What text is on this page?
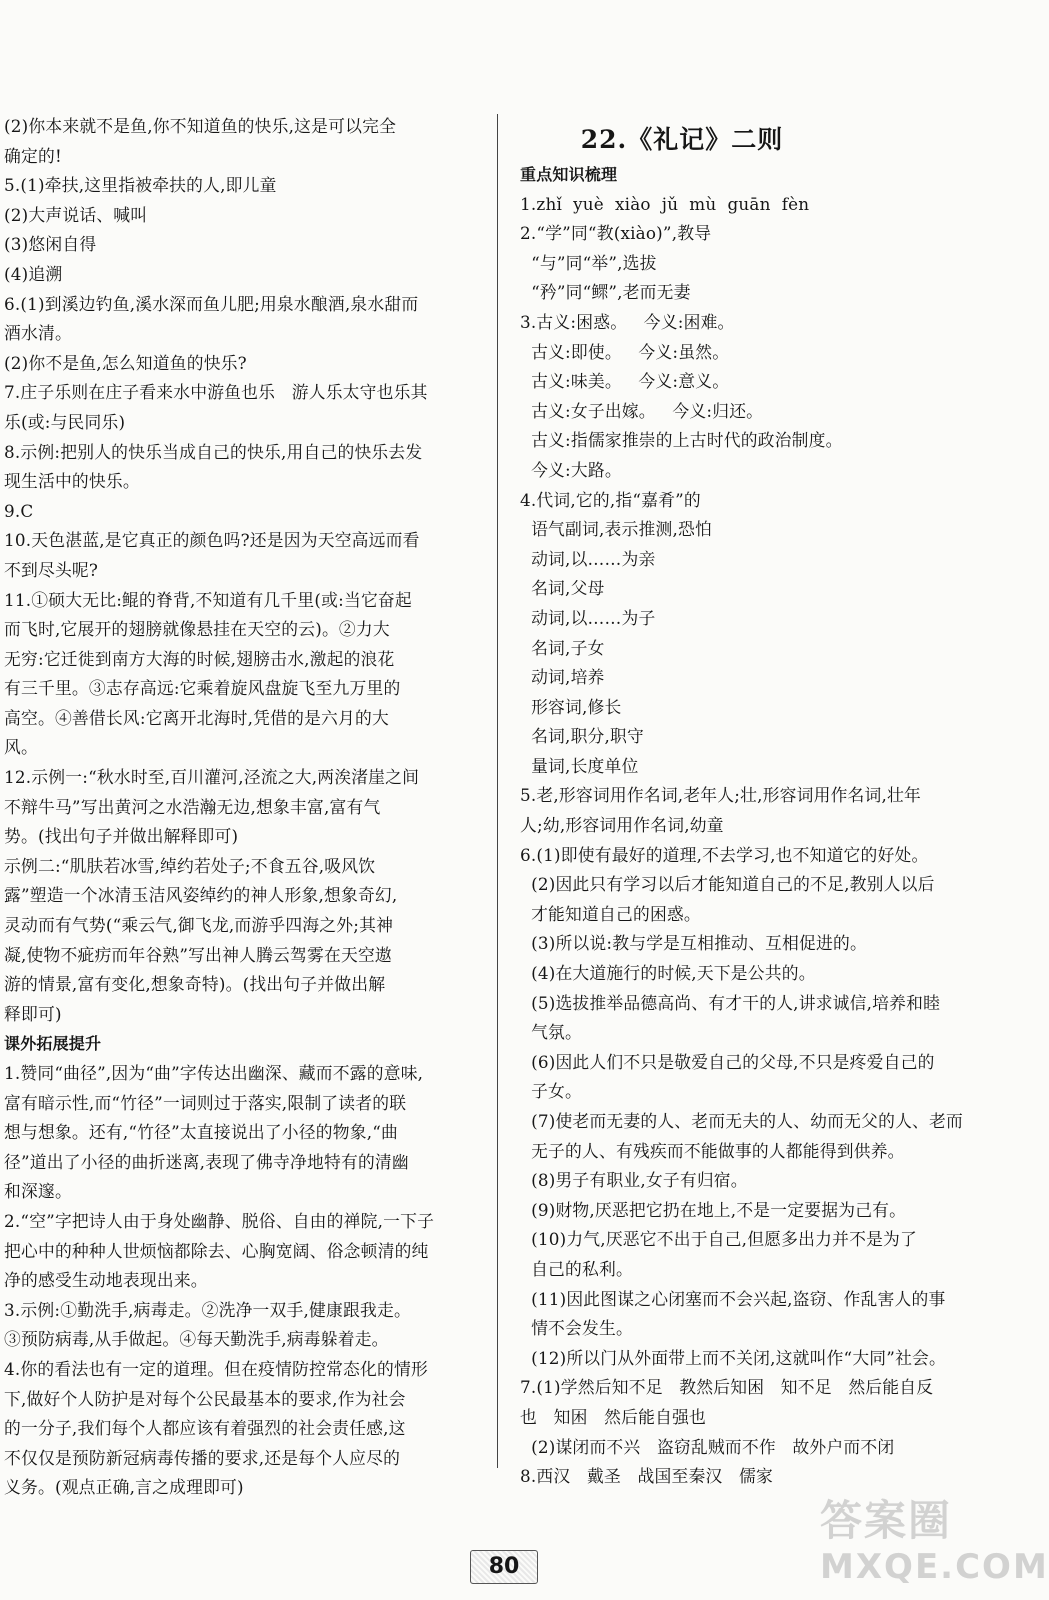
(2)你本来就不是鱼,你不知道鱼的快乐,这是可以完全
确定的!
5.(1)牵扶,这里指被牵扶的人,即儿童
(2)大声说话、喊叫
(3)悠闲自得
(4)追溯
6.(1)到溪边钓鱼,溪水深而鱼儿肥;用泉水酿酒,泉水甜而
酒水清。
(2)你不是鱼,怎么知道鱼的快乐?
7.庄子乐则在庄子看来水中游鱼也乐   游人乐太守也乐其
乐(或:与民同乐)
8.示例:把别人的快乐当成自己的快乐,用自己的快乐去发
现生活中的快乐。
9.C
10.天色湛蓝,是它真正的颜色吗?还是因为天空高远而看
不到尽头呢?
11.①硕大无比:鲲的脊背,不知道有几千里(或:当它奋起
而飞时,它展开的翅膀就像悬挂在天空的云)。②力大
无穷:它迁徙到南方大海的时候,翅膀击水,激起的浪花
有三千里。③志存高远:它乘着旋风盘旋飞至九万里的
高空。④善借长风:它离开北海时,凭借的是六月的大
风。
12.示例一:“秋水时至,百川灌河,泾流之大,两涘渚崖之间
不辩牛马”写出黄河之水浩瀚无边,想象丰富,富有气
势。(找出句子并做出解释即可)
示例二:“肌肤若冰雪,绰约若处子;不食五谷,吸风饮
露”塑造一个冰清玉洁风姿绰约的神人形象,想象奇幻,
灵动而有气势(“乘云气,御飞龙,而游乎四海之外;其神
凝,使物不疵疠而年谷熟”写出神人腾云驾雾在天空遨
游的情景,富有变化,想象奇特)。(找出句子并做出解
释即可)
课外拓展提升
1.赞同“曲径”,因为“曲”字传达出幽深、藏而不露的意味,
富有暗示性,而“竹径”一词则过于落实,限制了读者的联
想与想象。还有,“竹径”太直接说出了小径的物象,“曲
径”道出了小径的曲折迷离,表现了佛寺净地特有的清幽
和深邃。
2.“空”字把诗人由于身处幽静、脱俗、自由的禅院,一下子
把心中的种种人世烦恼都除去、心胸宽阔、俗念顿清的纯
净的感受生动地表现出来。
3.示例:①勤洗手,病毒走。②洗净一双手,健康跟我走。
③预防病毒,从手做起。④每天勤洗手,病毒躲着走。
4.你的看法也有一定的道理。但在疫情防控常态化的情形
下,做好个人防护是对每个公民最基本的要求,作为社会
的一分子,我们每个人都应该有着强烈的社会责任感,这
不仅仅是预防新冠病毒传播的要求,还是每个人应尽的
义务。(观点正确,言之成理即可)
22.《礼记》二则
重点知识梳理
1.zhǐ  yuè  xiào  jǔ  mù  guān  fèn
2.“学”同“教(xiào)”,教导
“与”同“举”,选拔
“矜”同“鳏”,老而无妻
3.古义:困惑。   今义:困难。
古义:即使。   今义:虽然。
古义:味美。   今义:意义。
古义:女子出嫁。   今义:归还。
古义:指儒家推崇的上古时代的政治制度。
今义:大路。
4.代词,它的,指“嘉肴”的
语气副词,表示推测,恐怕
动词,以……为亲
名词,父母
动词,以……为子
名词,子女
动词,培养
形容词,修长
名词,职分,职守
量词,长度单位
5.老,形容词用作名词,老年人;壮,形容词用作名词,壮年
人;幼,形容词用作名词,幼童
6.(1)即使有最好的道理,不去学习,也不知道它的好处。
(2)因此只有学习以后才能知道自己的不足,教别人以后
才能知道自己的困惑。
(3)所以说:教与学是互相推动、互相促进的。
(4)在大道施行的时候,天下是公共的。
(5)选拔推举品德高尚、有才干的人,讲求诚信,培养和睦
气氛。
(6)因此人们不只是敬爱自己的父母,不只是疼爱自己的
子女。
(7)使老而无妻的人、老而无夫的人、幼而无父的人、老而
无子的人、有残疾而不能做事的人都能得到供养。
(8)男子有职业,女子有归宿。
(9)财物,厌恶把它扔在地上,不是一定要据为己有。
(10)力气,厌恶它不出于自己,但愿多出力并不是为了
自己的私利。
(11)因此图谋之心闭塞而不会兴起,盗窃、作乱害人的事
情不会发生。
(12)所以门从外面带上而不关闭,这就叫作“大同”社会。
7.(1)学然后知不足   教然后知困   知不足   然后能自反
也   知困   然后能自强也
(2)谋闭而不兴   盗窃乱贼而不作   故外户而不闭
8.西汉   戴圣   战国至秦汉   儒家
80
答案圈
MXQE.COM
